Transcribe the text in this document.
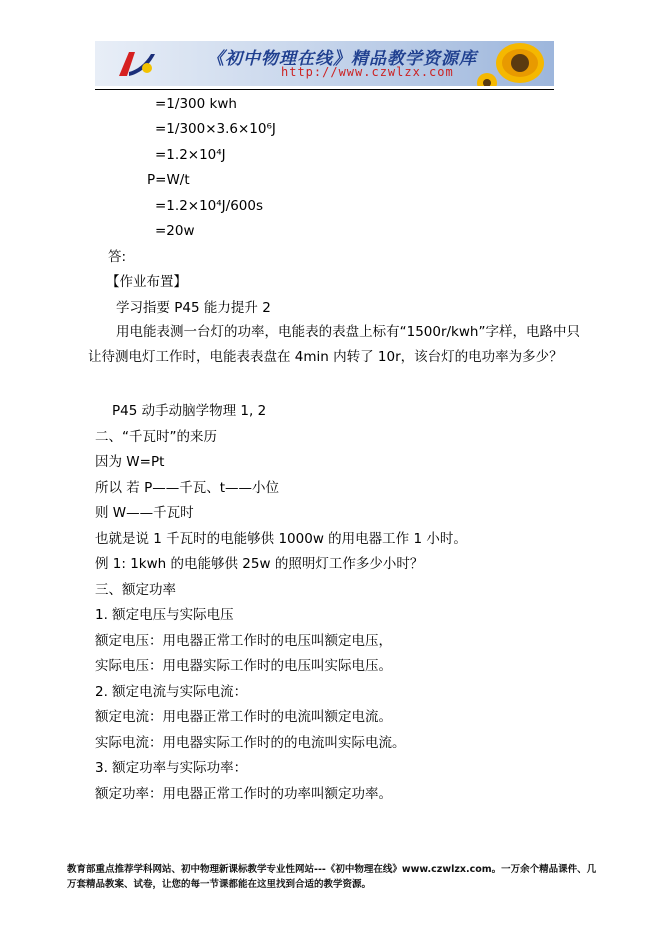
《初中物理在线》精品教学资源库
http://www.czwlzx.com
=1/300 kwh
=1/300×3.6×10⁶J
=1.2×10⁴J
P=W/t
=1.2×10⁴J/600s
=20w
答:
【作业布置】
学习指要 P45 能力提升 2
用电能表测一台灯的功率，电能表的表盘上标有“1500r/kwh”字样，电路中只让待测电灯工作时，电能表表盘在 4min 内转了 10r，该台灯的电功率为多少？
P45 动手动脑学物理 1, 2
二、“千瓦时”的来历
因为 W=Pt
所以 若 P——千瓦、t——小位
则 W——千瓦时
也就是说 1 千瓦时的电能够供 1000w 的用电器工作 1 小时。
例 1: 1kwh 的电能够供 25w 的照明灯工作多少小时？
三、额定功率
1. 额定电压与实际电压
额定电压：用电器正常工作时的电压叫额定电压，
实际电压：用电器实际工作时的电压叫实际电压。
2. 额定电流与实际电流：
额定电流：用电器正常工作时的电流叫额定电流。
实际电流：用电器实际工作时的的电流叫实际电流。
3. 额定功率与实际功率：
额定功率：用电器正常工作时的功率叫额定功率。
教育部重点推荐学科网站、初中物理新课标教学专业性网站---《初中物理在线》www.czwlzx.com。一万余个精品课件、几万套精品教案、试卷，让您的每一节课都能在这里找到合适的教学资源。
